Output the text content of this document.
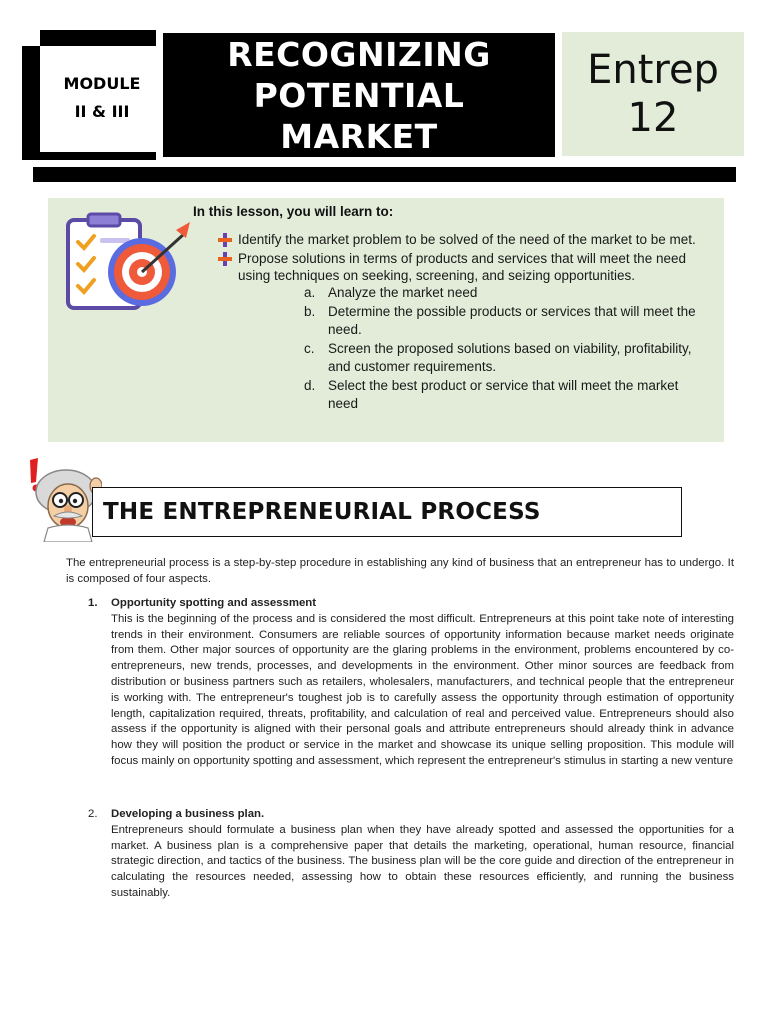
MODULE
II & III
RECOGNIZING
POTENTIAL
MARKET
Entrep
12
In this lesson, you will learn to:
Identify the market problem to be solved of the need of the market to be met.
Propose solutions in terms of products and services that will meet the need using techniques on seeking, screening, and seizing opportunities.
a. Analyze the market need
b. Determine the possible products or services that will meet the need.
c. Screen the proposed solutions based on viability, profitability, and customer requirements.
d. Select the best product or service that will meet the market need
THE ENTREPRENEURIAL PROCESS

The entrepreneurial process is a step-by-step procedure in establishing any kind of business that an entrepreneur has to undergo. It is composed of four aspects.

1. Opportunity spotting and assessment

This is the beginning of the process and is considered the most difficult. Entrepreneurs at this point take note of interesting trends in their environment. Consumers are reliable sources of opportunity information because market needs originate from them. Other major sources of opportunity are the glaring problems in the environment, problems encountered by co-entrepreneurs, new trends, processes, and developments in the environment. Other minor sources are feedback from distribution or business partners such as retailers, wholesalers, manufacturers, and technical people that the entrepreneur is working with. The entrepreneur's toughest job is to carefully assess the opportunity through estimation of opportunity length, capitalization required, threats, profitability, and calculation of real and perceived value. Entrepreneurs should also assess if the opportunity is aligned with their personal goals and attribute entrepreneurs should already think in advance how they will position the product or service in the market and showcase its unique selling proposition. This module will focus mainly on opportunity spotting and assessment, which represent the entrepreneur's stimulus in starting a new venture

2. Developing a business plan.

Entrepreneurs should formulate a business plan when they have already spotted and assessed the opportunities for a market. A business plan is a comprehensive paper that details the marketing, operational, human resource, financial strategic direction, and tactics of the business. The business plan will be the core guide and direction of the entrepreneur in calculating the resources needed, assessing how to obtain these resources efficiently, and running the business sustainably.
